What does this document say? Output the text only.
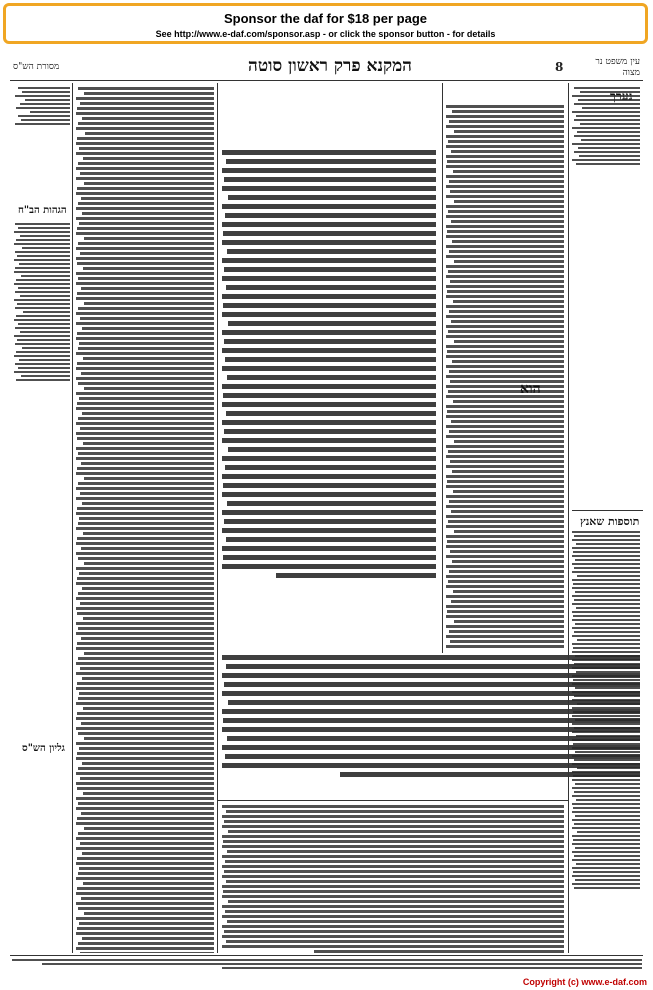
Sponsor the daf for $18 per page
See http://www.e-daf.com/sponsor.asp - or click the sponsor button - for details
מסורת הש"ס	המקנא פרק ראשון סוטה	8	עין משפט נר מצוה
הגהות הב"ח
גליון הש"ס
הוא
תוספות שאנץ
Copyright (c) www.e-daf.com
